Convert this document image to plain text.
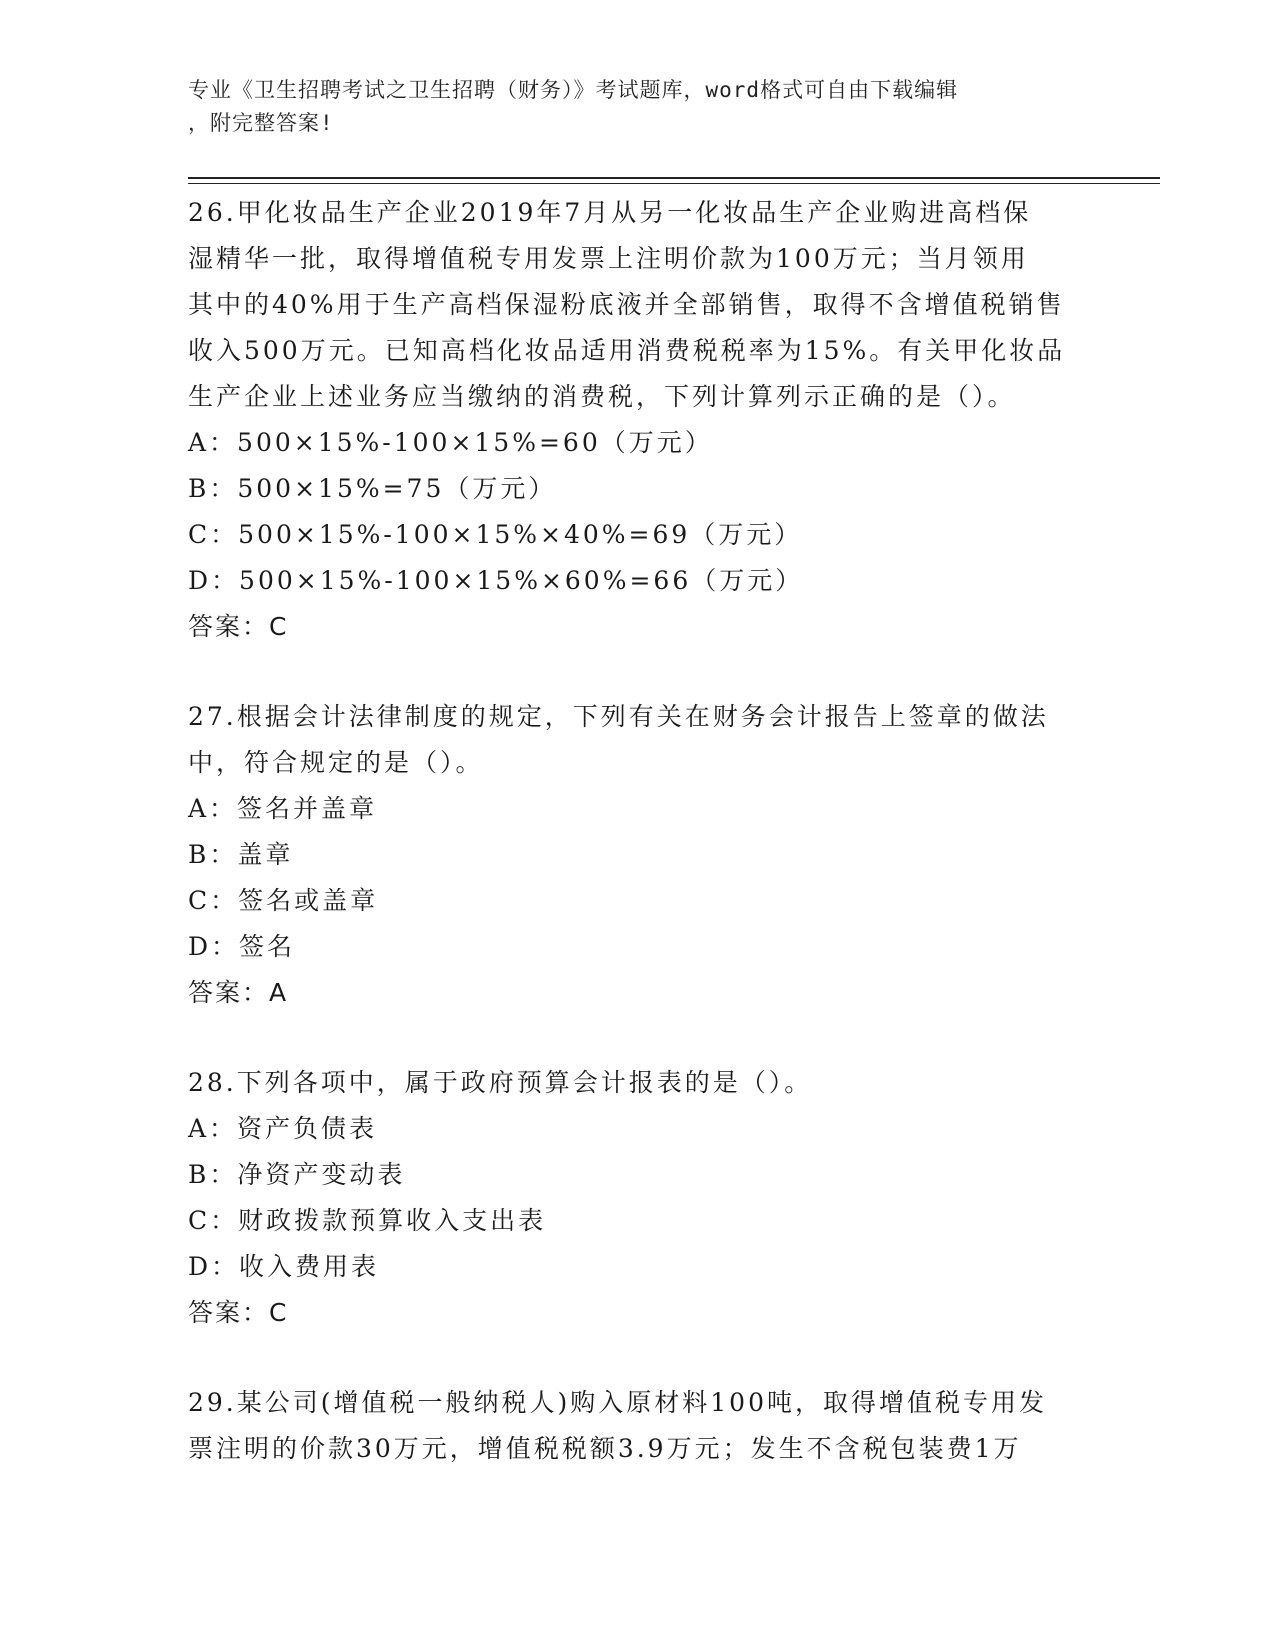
专业《卫生招聘考试之卫生招聘（财务）》考试题库，word格式可自由下载编辑
，附完整答案!
26.甲化妆品生产企业2019年7月从另一化妆品生产企业购进高档保
湿精华一批，取得增值税专用发票上注明价款为100万元；当月领用
其中的40%用于生产高档保湿粉底液并全部销售，取得不含增值税销售
收入500万元。已知高档化妆品适用消费税税率为15%。有关甲化妆品
生产企业上述业务应当缴纳的消费税，下列计算列示正确的是（）。
A：500×15%-100×15%=60（万元）
B：500×15%=75（万元）
C：500×15%-100×15%×40%=69（万元）
D：500×15%-100×15%×60%=66（万元）
答案：C
27.根据会计法律制度的规定，下列有关在财务会计报告上签章的做法
中，符合规定的是（）。
A：签名并盖章
B：盖章
C：签名或盖章
D：签名
答案：A
28.下列各项中，属于政府预算会计报表的是（）。
A：资产负债表
B：净资产变动表
C：财政拨款预算收入支出表
D：收入费用表
答案：C
29.某公司(增值税一般纳税人)购入原材料100吨，取得增值税专用发
票注明的价款30万元，增值税税额3.9万元；发生不含税包装费1万
